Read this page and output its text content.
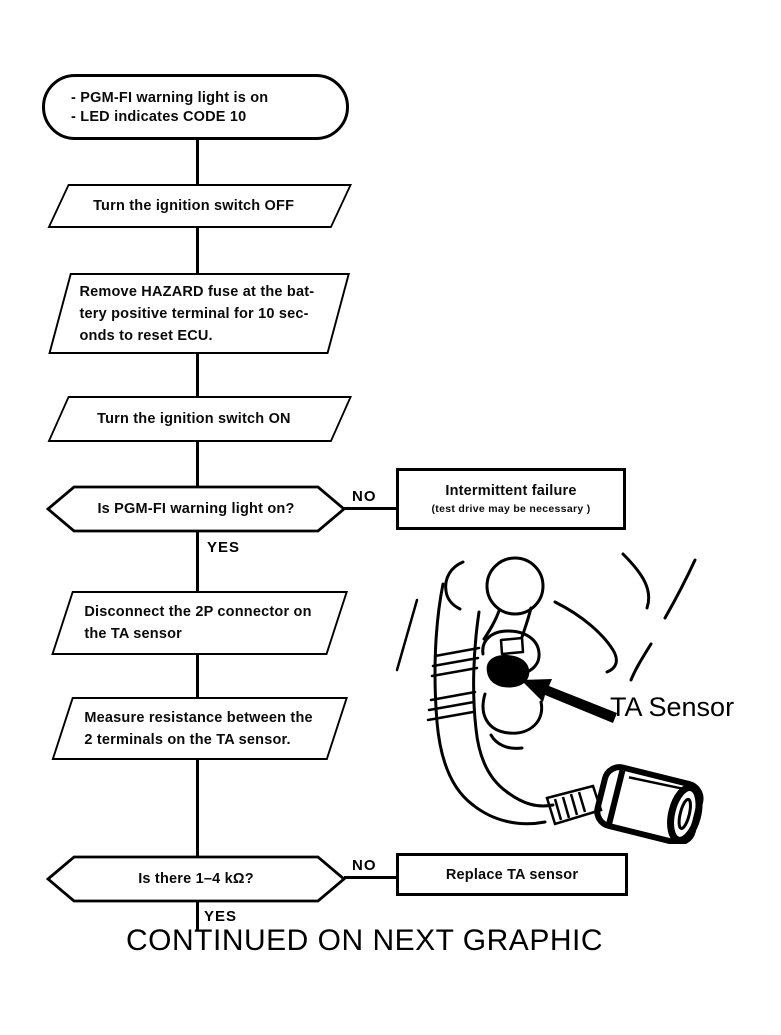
- PGM-FI warning light is on
- LED indicates CODE 10
Turn the ignition switch OFF
Remove HAZARD fuse at the bat-
tery positive terminal for 10 sec-
onds to reset ECU.
Turn the ignition switch ON
Is PGM-FI warning light on?
NO	Intermittent failure
(test drive may be necessary )
YES
Disconnect the 2P connector on
the TA sensor
Measure resistance between the
2 terminals on the TA sensor.
Is there 1–4 kΩ?
NO
Replace TA sensor
YES
CONTINUED ON NEXT GRAPHIC
TA Sensor
